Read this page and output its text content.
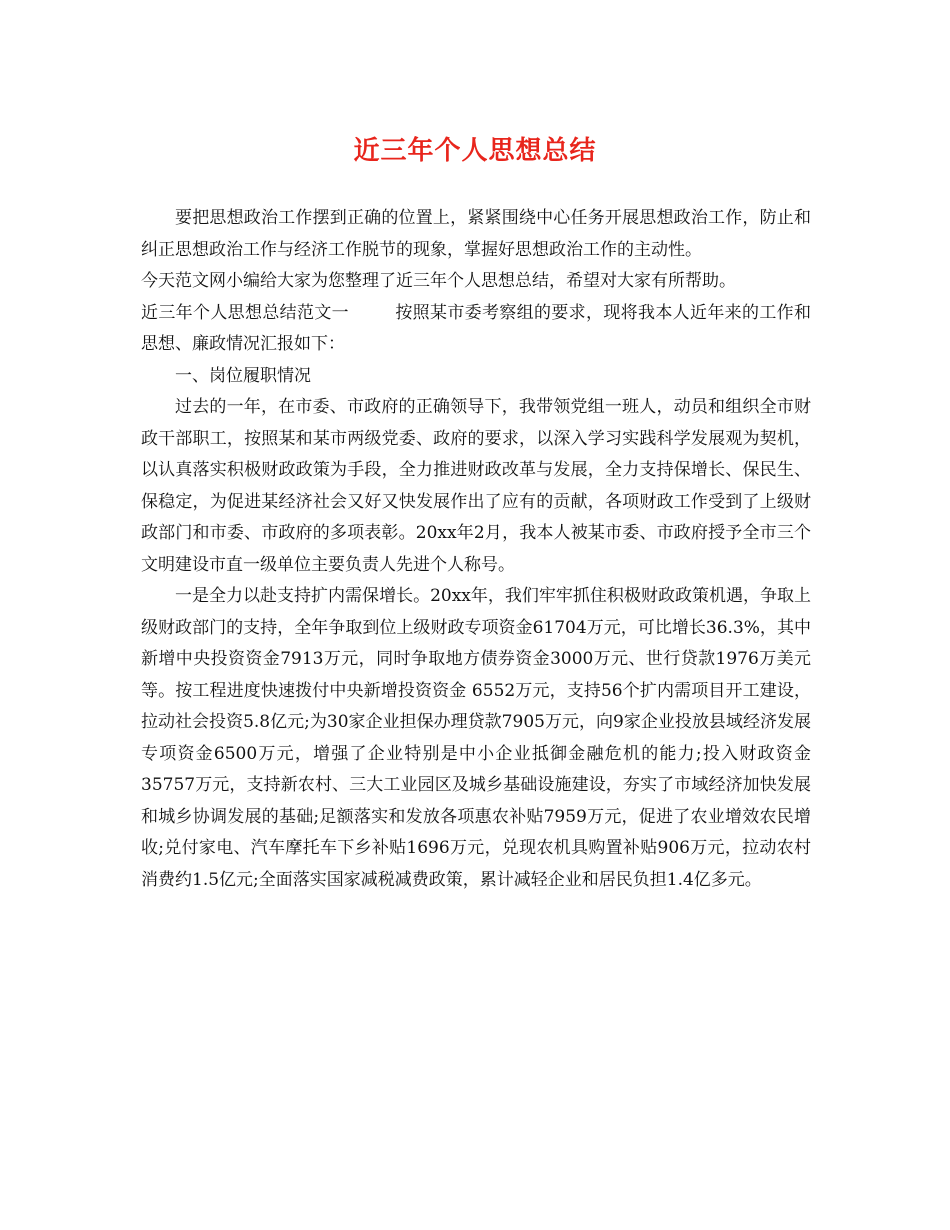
近三年个人思想总结

要把思想政治工作摆到正确的位置上，紧紧围绕中心任务开展思想政治工作，防止和纠正思想政治工作与经济工作脱节的现象，掌握好思想政治工作的主动性。

今天范文网小编给大家为您整理了近三年个人思想总结，希望对大家有所帮助。

近三年个人思想总结范文一	按照某市委考察组的要求，现将我本人近年来的工作和思想、廉政情况汇报如下：

一、岗位履职情况

过去的一年，在市委、市政府的正确领导下，我带领党组一班人，动员和组织全市财政干部职工，按照某和某市两级党委、政府的要求，以深入学习实践科学发展观为契机，以认真落实积极财政政策为手段，全力推进财政改革与发展，全力支持保增长、保民生、保稳定，为促进某经济社会又好又快发展作出了应有的贡献，各项财政工作受到了上级财政部门和市委、市政府的多项表彰。20xx年2月，我本人被某市委、市政府授予全市三个文明建设市直一级单位主要负责人先进个人称号。

一是全力以赴支持扩内需保增长。20xx年，我们牢牢抓住积极财政政策机遇，争取上级财政部门的支持，全年争取到位上级财政专项资金61704万元，可比增长36.3%，其中新增中央投资资金7913万元，同时争取地方债券资金3000万元、世行贷款1976万美元等。按工程进度快速拨付中央新增投资资金 6552万元，支持56个扩内需项目开工建设，拉动社会投资5.8亿元;为30家企业担保办理贷款7905万元，向9家企业投放县域经济发展专项资金6500万元，增强了企业特别是中小企业抵御金融危机的能力;投入财政资金35757万元，支持新农村、三大工业园区及城乡基础设施建设，夯实了市域经济加快发展和城乡协调发展的基础;足额落实和发放各项惠农补贴7959万元，促进了农业增效农民增收;兑付家电、汽车摩托车下乡补贴1696万元，兑现农机具购置补贴906万元，拉动农村消费约1.5亿元;全面落实国家减税减费政策，累计减轻企业和居民负担1.4亿多元。
